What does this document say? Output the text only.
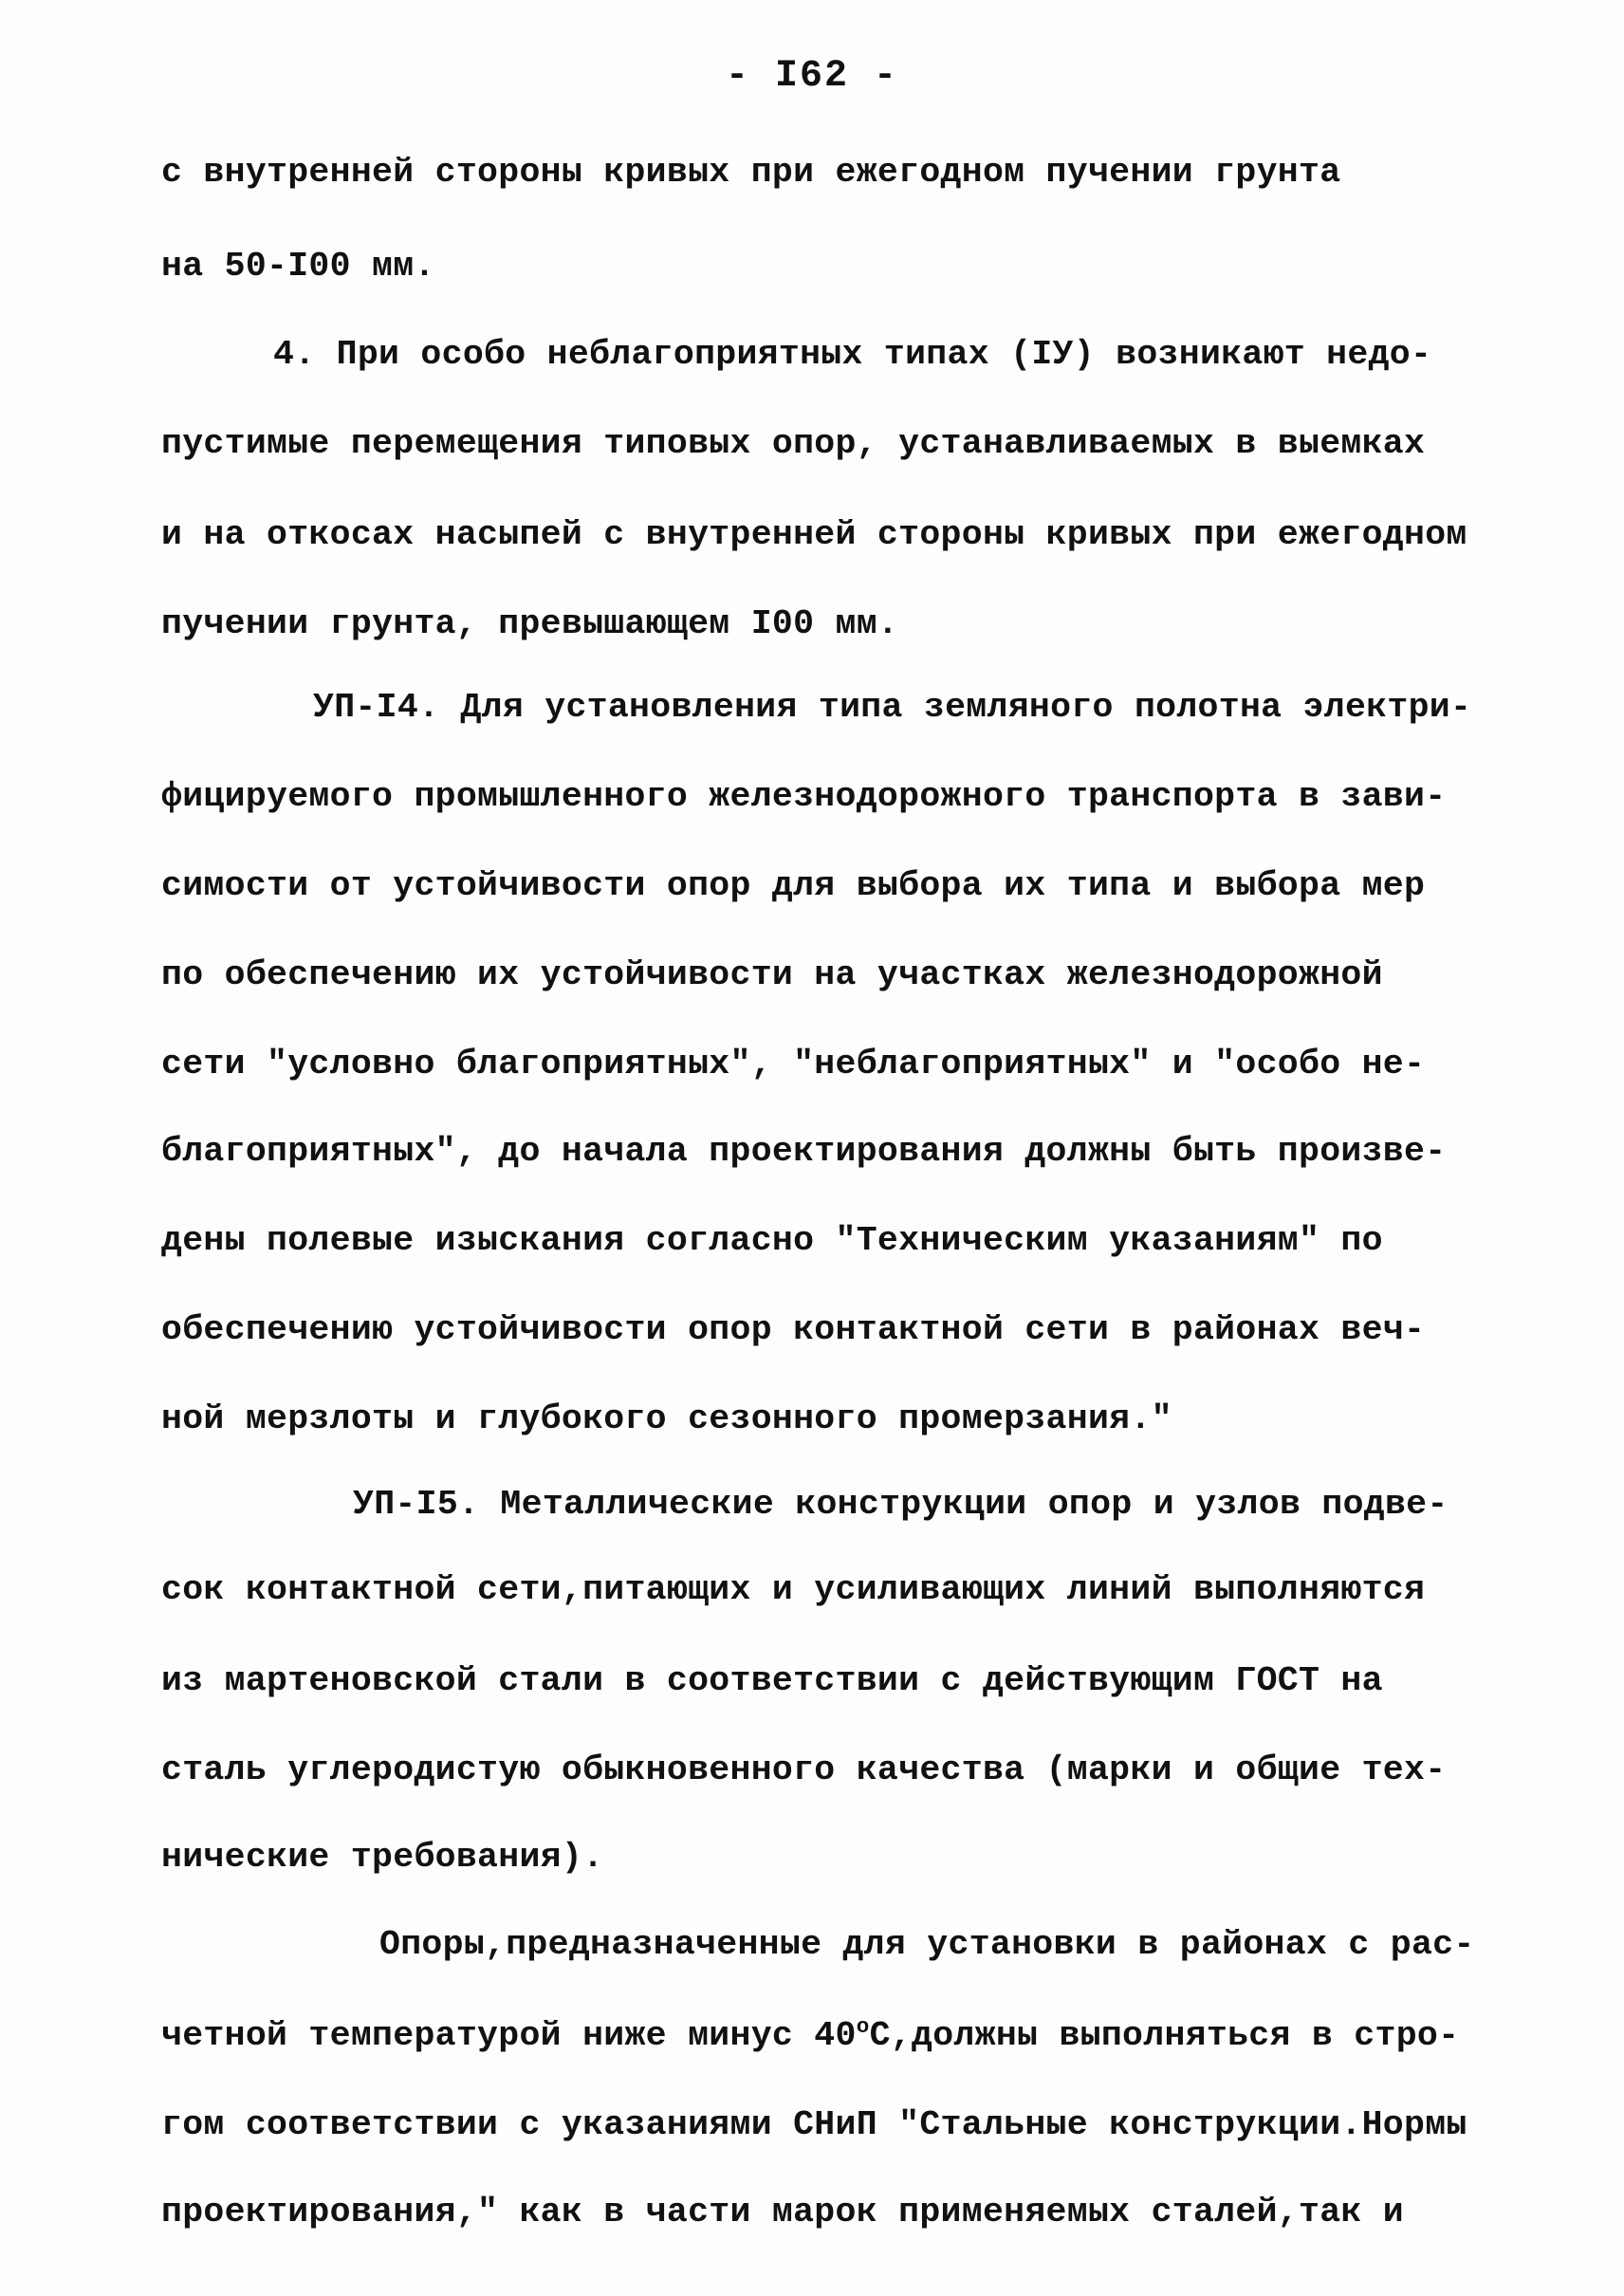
- I62 -
с внутренней стороны кривых при ежегодном пучении грунта
на 50-I00 мм.
4. При особо неблагоприятных типах (IУ) возникают недо-
пустимые перемещения типовых опор, устанавливаемых в выемках
и на откосах насыпей с внутренней стороны кривых при ежегодном
пучении грунта, превышающем I00 мм.
УП-I4. Для установления типа земляного полотна электри-
фицируемого промышленного железнодорожного транспорта в зави-
симости от устойчивости опор для выбора их типа и выбора мер
по обеспечению их устойчивости на участках железнодорожной
сети "условно благоприятных", "неблагоприятных" и "особо не-
благоприятных", до начала проектирования должны быть произве-
дены полевые изыскания согласно "Техническим указаниям" по
обеспечению устойчивости опор контактной сети в районах веч-
ной мерзлоты и глубокого сезонного промерзания."
УП-I5. Металлические конструкции опор и узлов подве-
сок контактной сети,питающих и усиливающих линий выполняются
из мартеновской стали в соответствии с действующим ГОСТ на
сталь углеродистую обыкновенного качества (марки и общие тех-
нические требования).
Опоры,предназначенные для установки в районах с рас-
четной температурой ниже минус $40^оС,должны$ выполняться в стро-
гом соответствии с указаниями СНиП "Стальные конструкции.Нормы
проектирования," как в части марок применяемых сталей,так и
